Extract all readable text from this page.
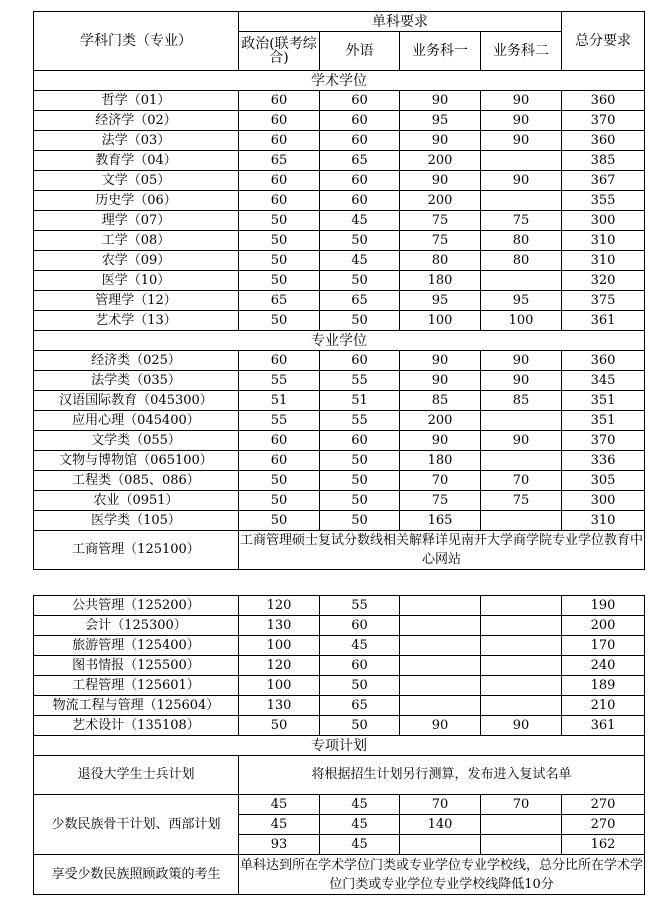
学科门类（专业）	单科要求				总分要求
	政治(联考综合)	外语	业务科一	业务科二	
学术学位					
哲学（01）	60	60	90	90	360
经济学（02）	60	60	95	90	370
法学（03）	60	60	90	90	360
教育学（04）	65	65	200		385
文学（05）	60	60	90	90	367
历史学（06）	60	60	200		355
理学（07）	50	45	75	75	300
工学（08）	50	50	75	80	310
农学（09）	50	45	80	80	310
医学（10）	50	50	180		320
管理学（12）	65	65	95	95	375
艺术学（13）	50	50	100	100	361
专业学位					
经济类（025）	60	60	90	90	360
法学类（035）	55	55	90	90	345
汉语国际教育（045300）	51	51	85	85	351
应用心理（045400）	55	55	200		351
文学类（055）	60	60	90	90	370
文物与博物馆（065100）	60	50	180		336
工程类（085、086）	50	50	70	70	305
农业（0951）	50	50	75	75	300
医学类（105）	50	50	165		310
工商管理（125100）	工商管理硕士复试分数线相关解释详见南开大学商学院专业学位教育中心网站				
公共管理（125200）	120	55			190
会计（125300）	130	60			200
旅游管理（125400）	100	45			170
图书情报（125500）	120	60			240
工程管理（125601）	100	50			189
物流工程与管理（125604）	130	65			210
艺术设计（135108）	50	50	90	90	361
专项计划					
退役大学生士兵计划	将根据招生计划另行测算，发布进入复试名单				
少数民族骨干计划、西部计划	45	45	70	70	270
	45	45	140		270
	93	45			162
享受少数民族照顾政策的考生	单科达到所在学术学位门类或专业学位专业学校线，总分比所在学术学位门类或专业学位专业学校线降低10分				
